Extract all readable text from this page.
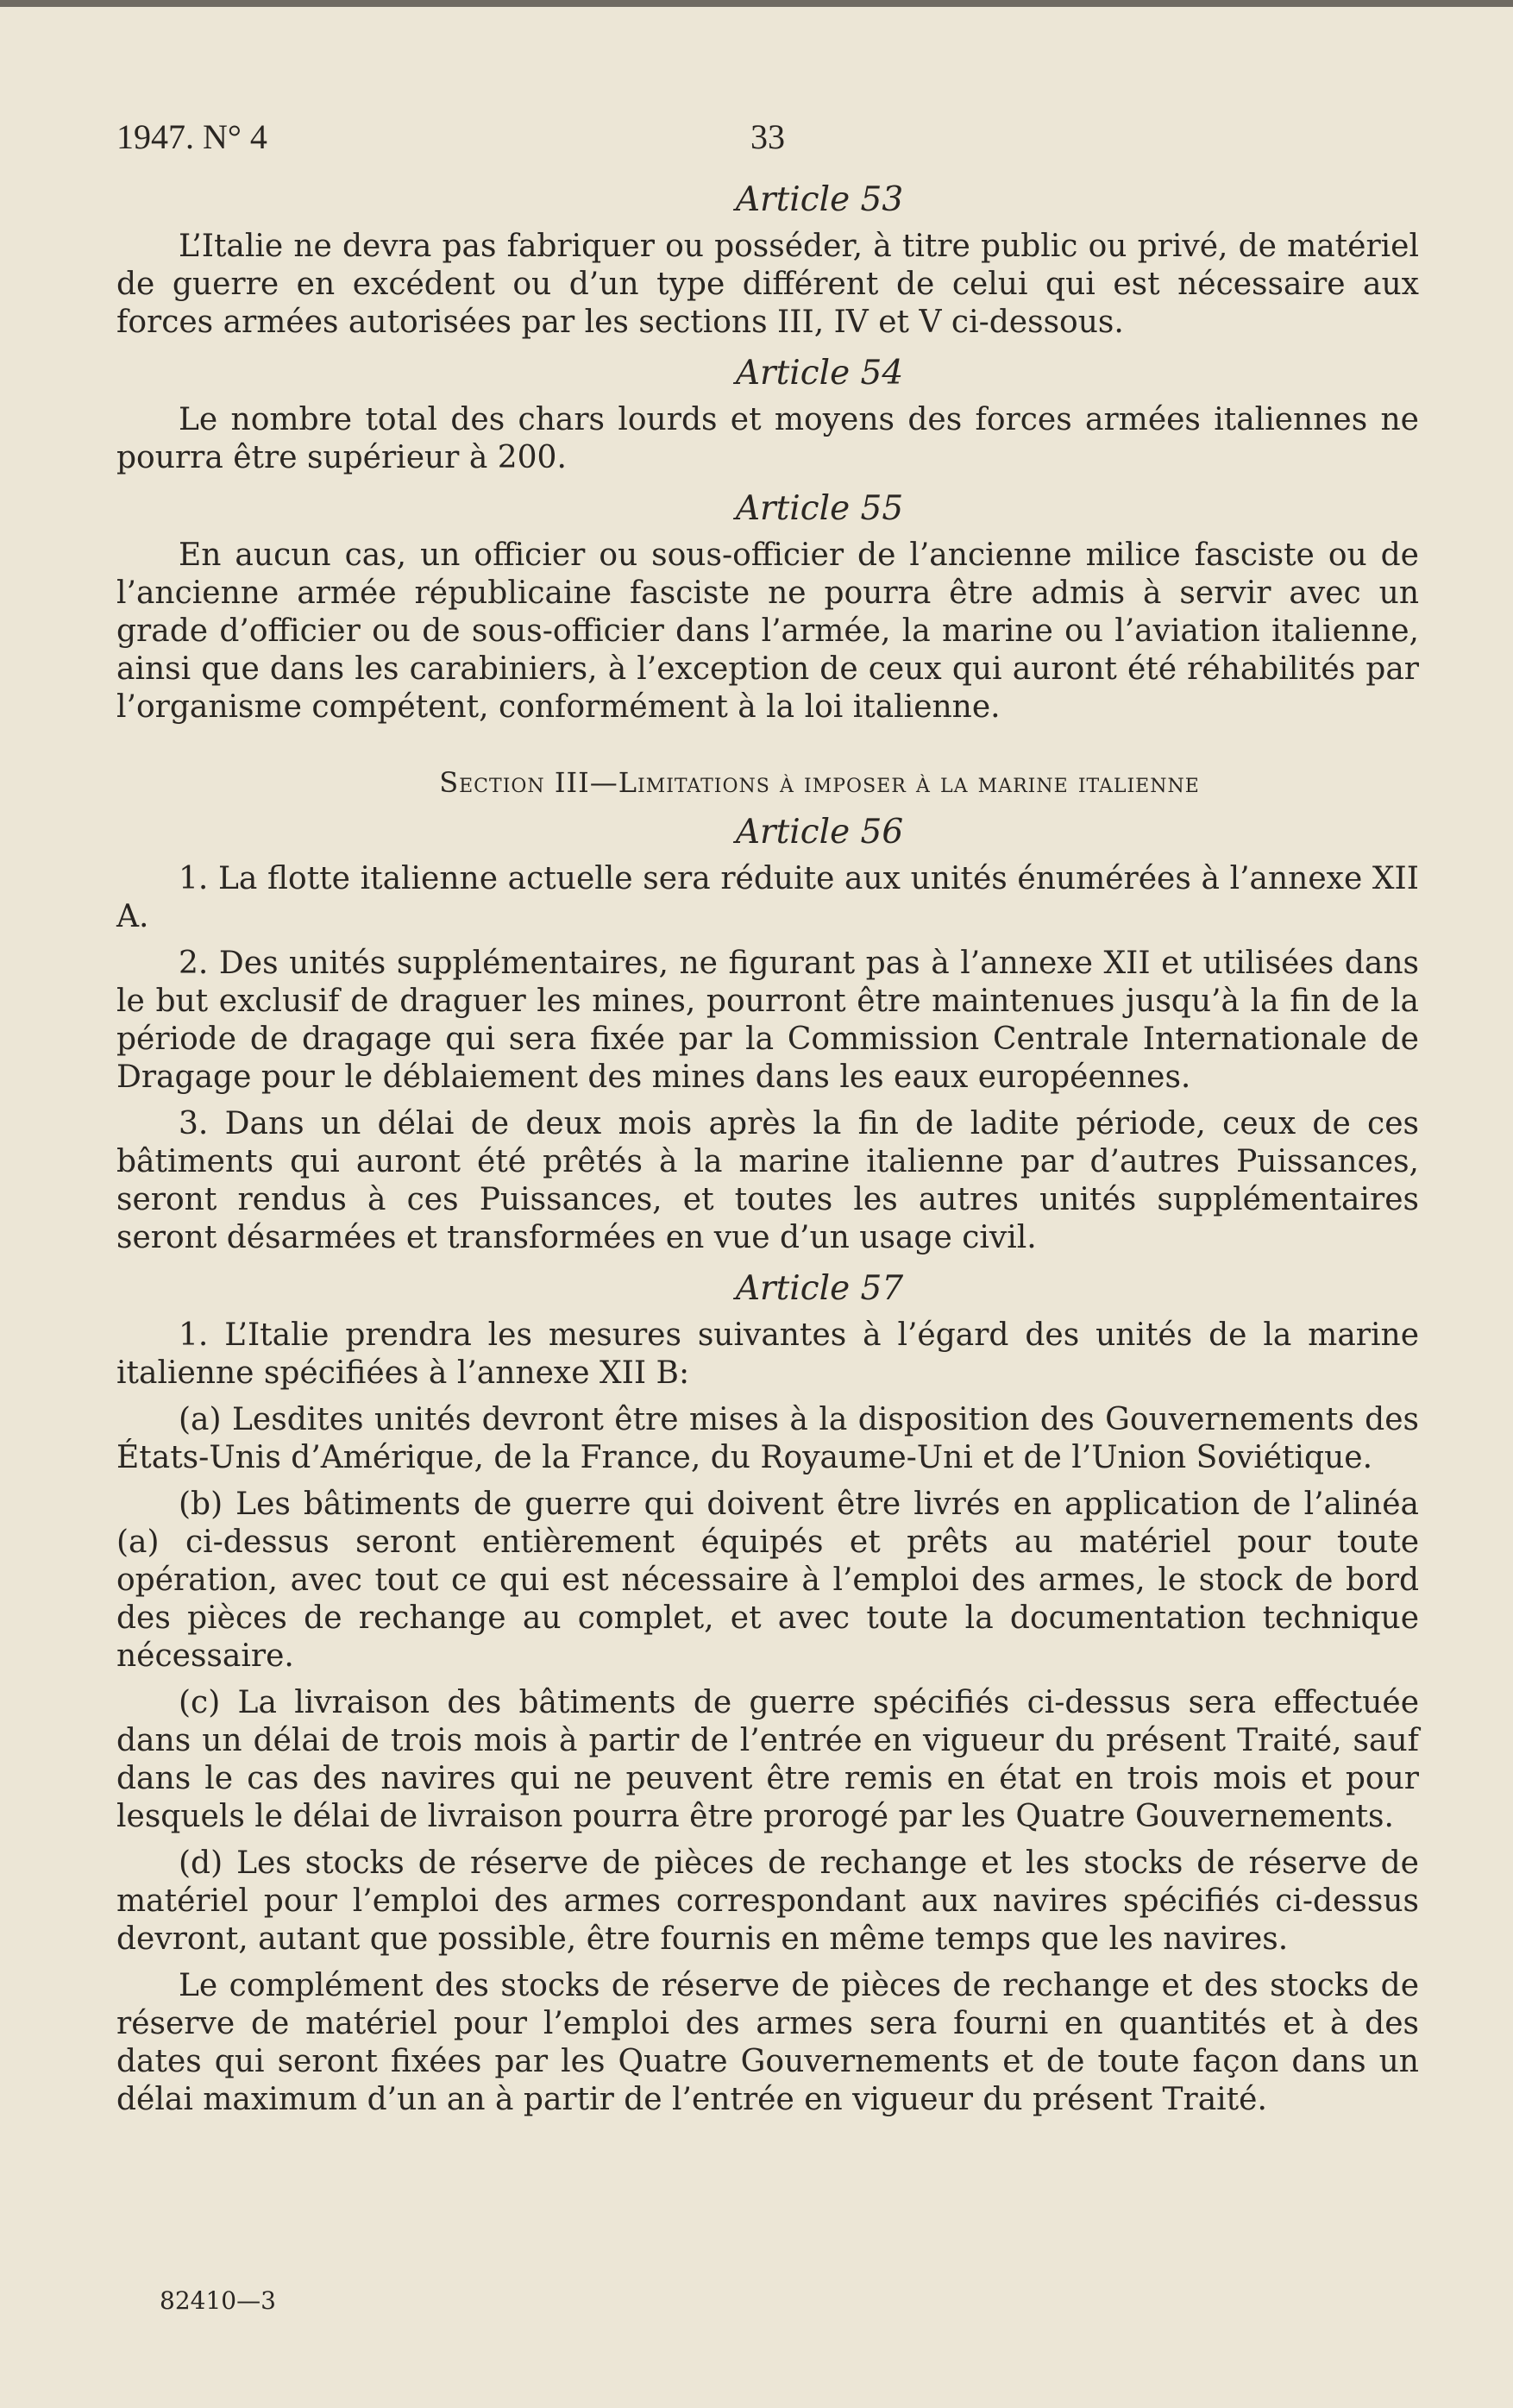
1947. N° 4	33
Article 53

L’Italie ne devra pas fabriquer ou posséder, à titre public ou privé, de matériel de guerre en excédent ou d’un type différent de celui qui est nécessaire aux forces armées autorisées par les sections III, IV et V ci-dessous.

Article 54

Le nombre total des chars lourds et moyens des forces armées italiennes ne pourra être supérieur à 200.

Article 55

En aucun cas, un officier ou sous-officier de l’ancienne milice fasciste ou de l’ancienne armée républicaine fasciste ne pourra être admis à servir avec un grade d’officier ou de sous-officier dans l’armée, la marine ou l’aviation italienne, ainsi que dans les carabiniers, à l’exception de ceux qui auront été réhabilités par l’organisme compétent, conformément à la loi italienne.

Section III—Limitations à imposer à la marine italienne
Article 56

1. La flotte italienne actuelle sera réduite aux unités énumérées à l’annexe XII A.

2. Des unités supplémentaires, ne figurant pas à l’annexe XII et utilisées dans le but exclusif de draguer les mines, pourront être maintenues jusqu’à la fin de la période de dragage qui sera fixée par la Commission Centrale Internationale de Dragage pour le déblaiement des mines dans les eaux européennes.

3. Dans un délai de deux mois après la fin de ladite période, ceux de ces bâtiments qui auront été prêtés à la marine italienne par d’autres Puissances, seront rendus à ces Puissances, et toutes les autres unités supplémentaires seront désarmées et transformées en vue d’un usage civil.

Article 57

1. L’Italie prendra les mesures suivantes à l’égard des unités de la marine italienne spécifiées à l’annexe XII B:

(a) Lesdites unités devront être mises à la disposition des Gouvernements des États-Unis d’Amérique, de la France, du Royaume-Uni et de l’Union Soviétique.

(b) Les bâtiments de guerre qui doivent être livrés en application de l’alinéa (a) ci-dessus seront entièrement équipés et prêts au matériel pour toute opération, avec tout ce qui est nécessaire à l’emploi des armes, le stock de bord des pièces de rechange au complet, et avec toute la documentation technique nécessaire.

(c) La livraison des bâtiments de guerre spécifiés ci-dessus sera effectuée dans un délai de trois mois à partir de l’entrée en vigueur du présent Traité, sauf dans le cas des navires qui ne peuvent être remis en état en trois mois et pour lesquels le délai de livraison pourra être prorogé par les Quatre Gouvernements.

(d) Les stocks de réserve de pièces de rechange et les stocks de réserve de matériel pour l’emploi des armes correspondant aux navires spécifiés ci-dessus devront, autant que possible, être fournis en même temps que les navires.

Le complément des stocks de réserve de pièces de rechange et des stocks de réserve de matériel pour l’emploi des armes sera fourni en quantités et à des dates qui seront fixées par les Quatre Gouvernements et de toute façon dans un délai maximum d’un an à partir de l’entrée en vigueur du présent Traité.

82410—3
